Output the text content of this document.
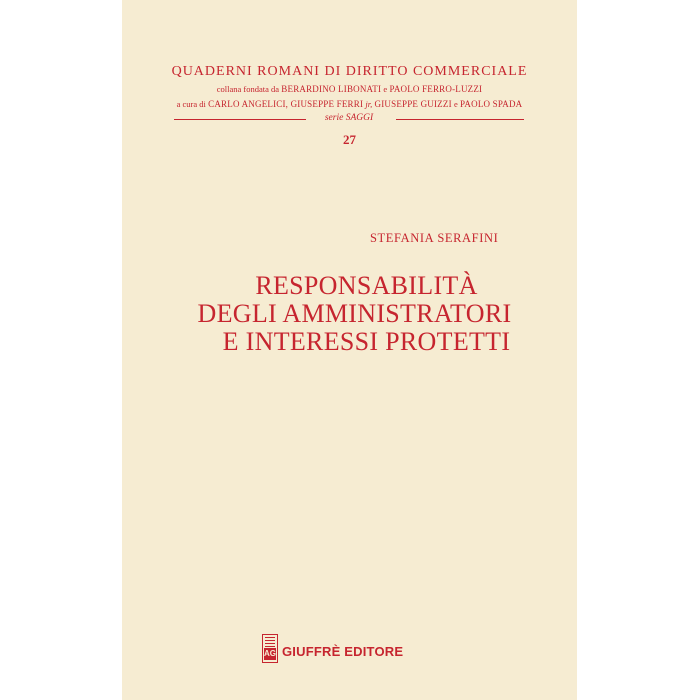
QUADERNI ROMANI DI DIRITTO COMMERCIALE
collana fondata da BERARDINO LIBONATI e PAOLO FERRO-LUZZI
a cura di CARLO ANGELICI, GIUSEPPE FERRI jr, GIUSEPPE GUIZZI e PAOLO SPADA
serie SAGGI
27
STEFANIA SERAFINI
RESPONSABILITÀ
DEGLI AMMINISTRATORI
E INTERESSI PROTETTI
AG GIUFFRÈ EDITORE
